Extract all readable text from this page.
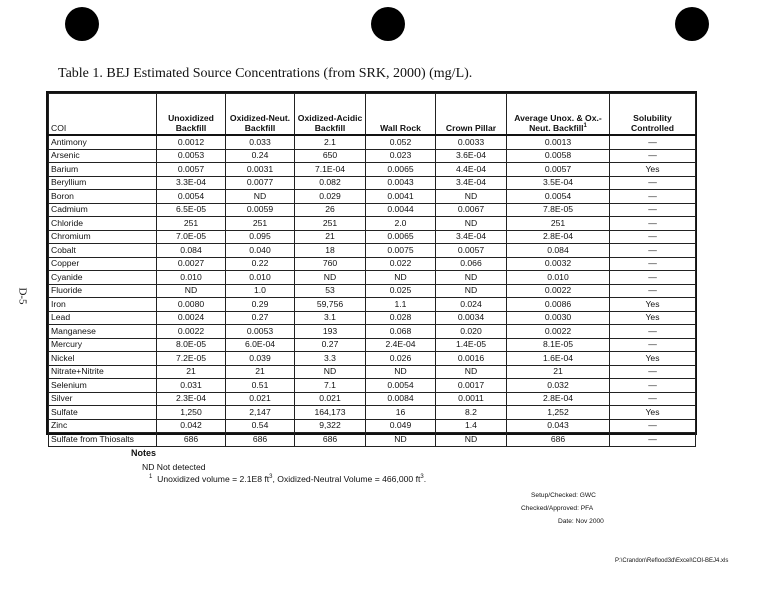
D-5
Table 1. BEJ Estimated Source Concentrations (from SRK, 2000) (mg/L).
COI	Unoxidized Backfill	Oxidized-Neut. Backfill	Oxidized-Acidic Backfill	Wall Rock	Crown Pillar	Average Unox. & Ox.-Neut. Backfill$^1$	Solubility Controlled
Antimony	0.0012	0.033	2.1	0.052	0.0033	0.0013	—
Arsenic	0.0053	0.24	650	0.023	3.6E-04	0.0058	—
Barium	0.0057	0.0031	7.1E-04	0.0065	4.4E-04	0.0057	Yes
Beryllium	3.3E-04	0.0077	0.082	0.0043	3.4E-04	3.5E-04	—
Boron	0.0054	ND	0.029	0.0041	ND	0.0054	—
Cadmium	6.5E-05	0.0059	26	0.0044	0.0067	7.8E-05	—
Chloride	251	251	251	2.0	ND	251	—
Chromium	7.0E-05	0.095	21	0.0065	3.4E-04	2.8E-04	—
Cobalt	0.084	0.040	18	0.0075	0.0057	0.084	—
Copper	0.0027	0.22	760	0.022	0.066	0.0032	—
Cyanide	0.010	0.010	ND	ND	ND	0.010	—
Fluoride	ND	1.0	53	0.025	ND	0.0022	—
Iron	0.0080	0.29	59,756	1.1	0.024	0.0086	Yes
Lead	0.0024	0.27	3.1	0.028	0.0034	0.0030	Yes
Manganese	0.0022	0.0053	193	0.068	0.020	0.0022	—
Mercury	8.0E-05	6.0E-04	0.27	2.4E-04	1.4E-05	8.1E-05	—
Nickel	7.2E-05	0.039	3.3	0.026	0.0016	1.6E-04	Yes
Nitrate+Nitrite	21	21	ND	ND	ND	21	—
Selenium	0.031	0.51	7.1	0.0054	0.0017	0.032	—
Silver	2.3E-04	0.021	0.021	0.0084	0.0011	2.8E-04	—
Sulfate	1,250	2,147	164,173	16	8.2	1,252	Yes
Zinc	0.042	0.54	9,322	0.049	1.4	0.043	—
Sulfate from Thiosalts	686	686	686	ND	ND	686	—
Notes
ND Not detected
$^1$ Unoxidized volume = 2.1E8 $ft^3$, Oxidized-Neutral Volume = 466,000 $ft^3$.
Setup/Checked: GWC
Checked/Approved: PFA
Date: Nov 2000
P:\Crandon\Reflood3d\Excel\COI-BEJ4.xls
